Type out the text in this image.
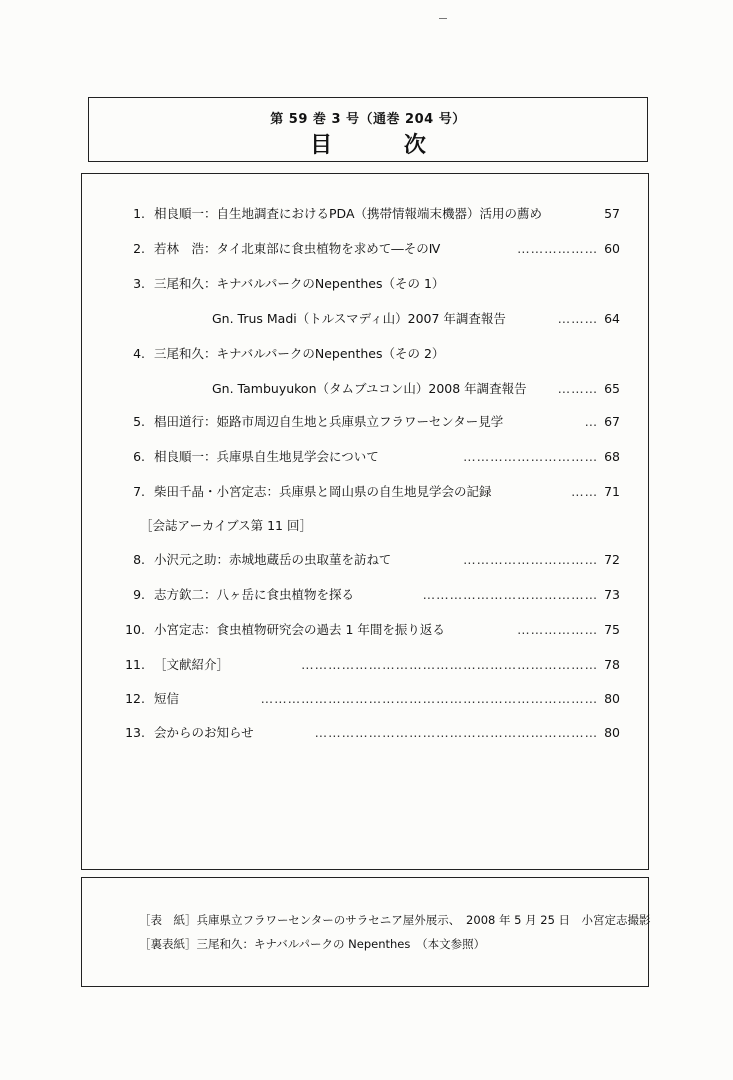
第 59 巻 3 号（通巻 204 号）
目 次
1. 相良順一：自生地調査におけるPDA（携帯情報端末機器）活用の薦め	57
2. 若林　浩：タイ北東部に食虫植物を求めて―そのⅣ	……………… 60
3. 三尾和久：キナバルパークのNepenthes（その 1）
Gn. Trus Madi（トルスマディ山）2007 年調査報告	……… 64
4. 三尾和久：キナバルパークのNepenthes（その 2）
Gn. Tambuyukon（タムブユコン山）2008 年調査報告	……… 65
5. 椙田道行：姫路市周辺自生地と兵庫県立フラワーセンター見学	… 67
6. 相良順一：兵庫県自生地見学会について	………………………… 68
7. 柴田千晶・小宮定志：兵庫県と岡山県の自生地見学会の記録	…… 71
［会誌アーカイブス第 11 回］
8. 小沢元之助：赤城地蔵岳の虫取菫を訪ねて	………………………… 72
9. 志方欽二：八ヶ岳に食虫植物を探る	………………………………… 73
10. 小宮定志：食虫植物研究会の過去 1 年間を振り返る	……………… 75
11. ［文献紹介］	………………………………………………………… 78
12. 短信	………………………………………………………………… 80
13. 会からのお知らせ	……………………………………………………… 80
［表　紙］兵庫県立フラワーセンターのサラセニア屋外展示、　2008 年 5 月 25 日　小宮定志撮影
［裏表紙］三尾和久：キナバルパークの Nepenthes　（本文参照）
